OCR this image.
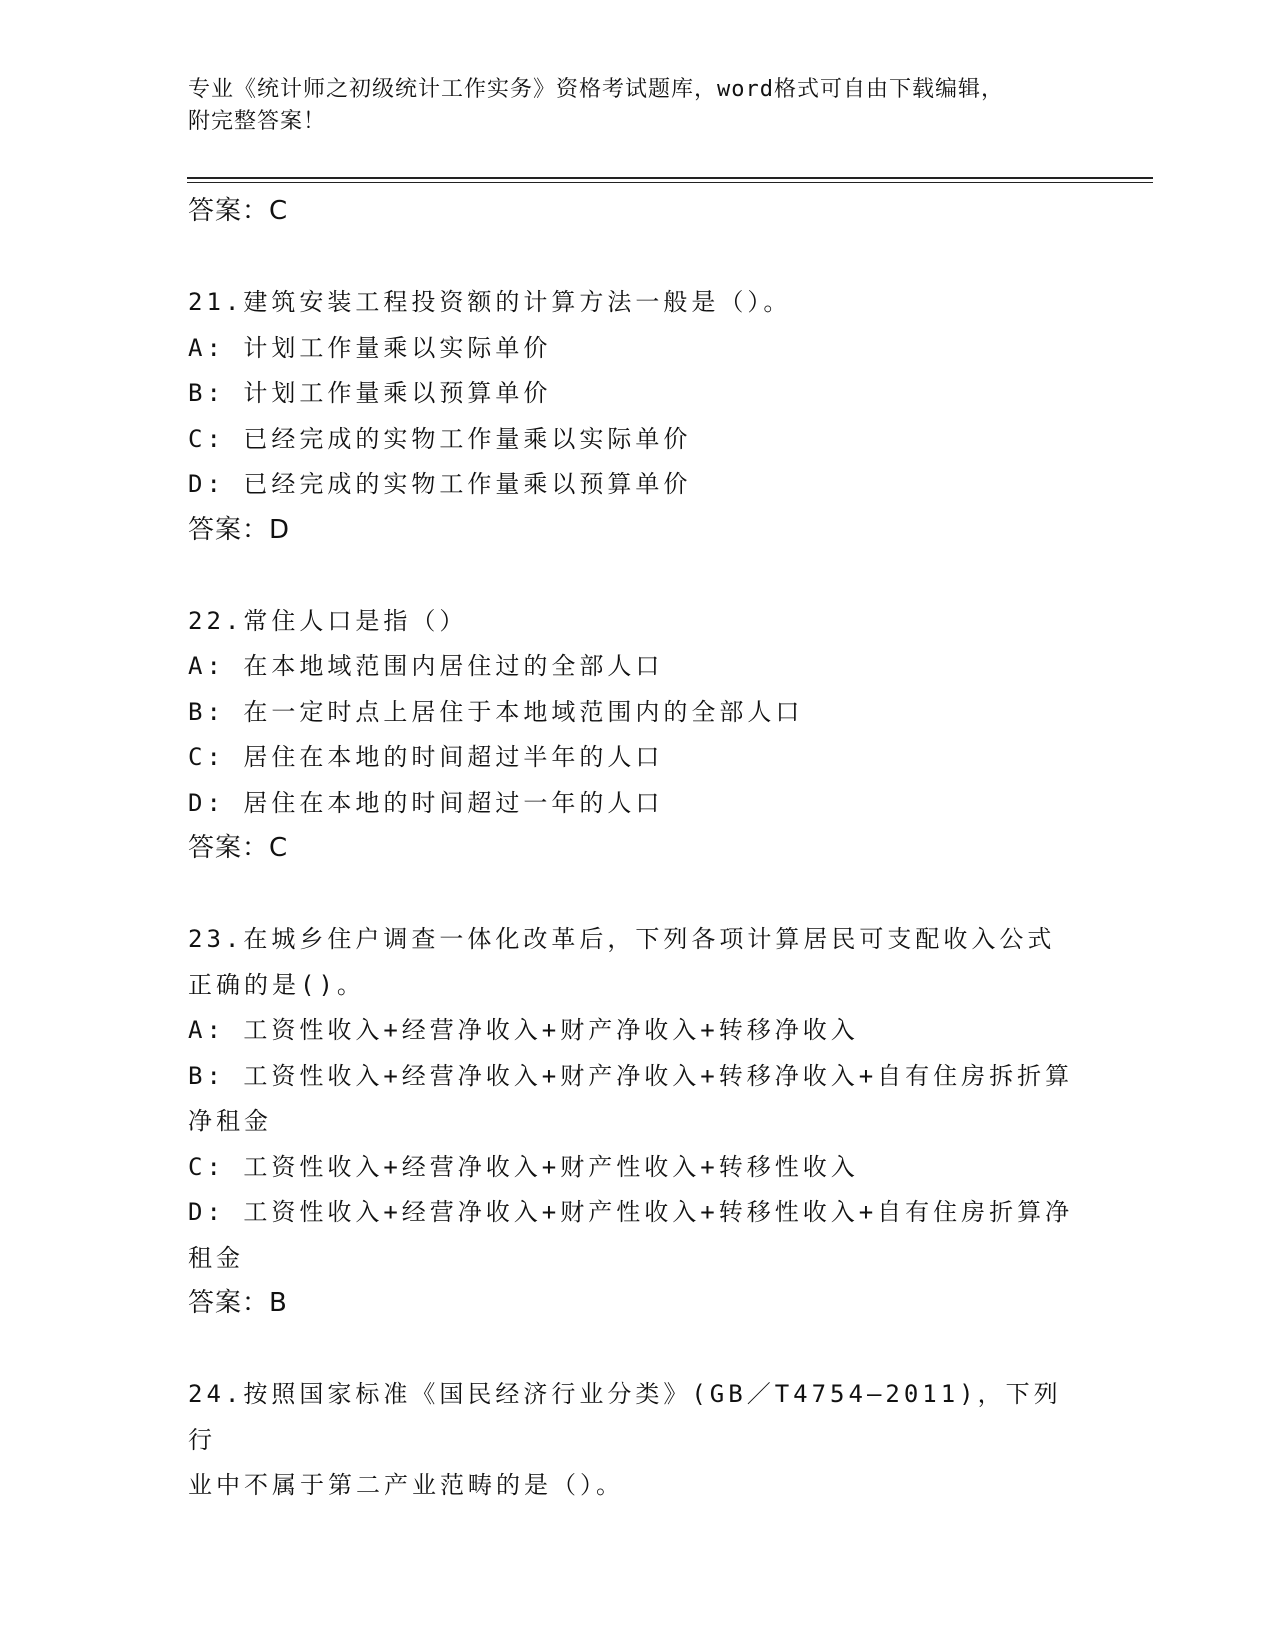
专业《统计师之初级统计工作实务》资格考试题库，word格式可自由下载编辑，
附完整答案！
答案：C
21.建筑安装工程投资额的计算方法一般是（）。
A: 计划工作量乘以实际单价
B: 计划工作量乘以预算单价
C: 已经完成的实物工作量乘以实际单价
D: 已经完成的实物工作量乘以预算单价
答案：D
22.常住人口是指（）
A: 在本地域范围内居住过的全部人口
B: 在一定时点上居住于本地域范围内的全部人口
C: 居住在本地的时间超过半年的人口
D: 居住在本地的时间超过一年的人口
答案：C
23.在城乡住户调查一体化改革后，下列各项计算居民可支配收入公式
正确的是()。
A: 工资性收入+经营净收入+财产净收入+转移净收入
B: 工资性收入+经营净收入+财产净收入+转移净收入+自有住房拆折算
净租金
C: 工资性收入+经营净收入+财产性收入+转移性收入
D: 工资性收入+经营净收入+财产性收入+转移性收入+自有住房折算净
租金
答案：B
24.按照国家标准《国民经济行业分类》(GB／T4754—2011)，下列行
业中不属于第二产业范畴的是（）。
